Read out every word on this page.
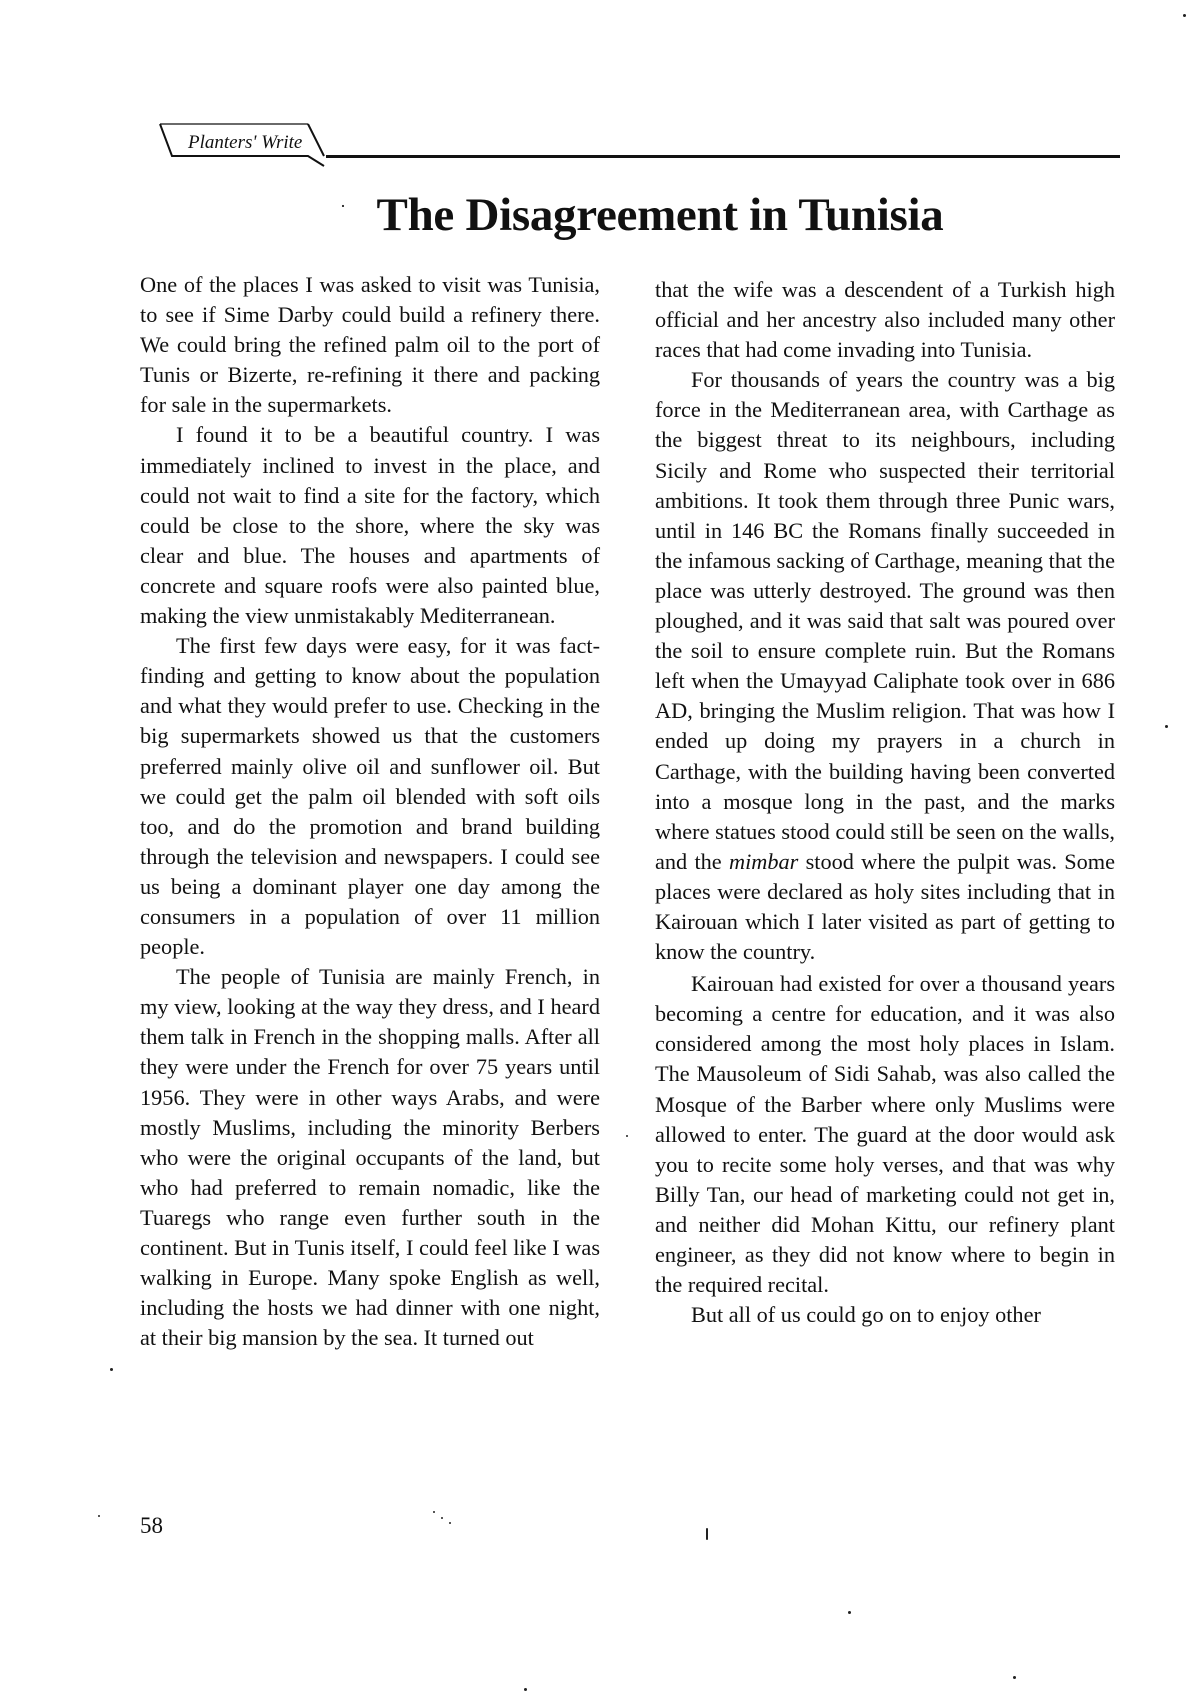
Planters' Write
· The Disagreement in Tunisia

One of the places I was asked to visit was Tunisia, to see if Sime Darby could build a refinery there. We could bring the refined palm oil to the port of Tunis or Bizerte, re-refining it there and packing for sale in the supermarkets.

I found it to be a beautiful country. I was immediately inclined to invest in the place, and could not wait to find a site for the factory, which could be close to the shore, where the sky was clear and blue. The houses and apartments of concrete and square roofs were also painted blue, making the view unmistakably Mediterranean.

The first few days were easy, for it was fact-finding and getting to know about the population and what they would prefer to use. Checking in the big supermarkets showed us that the customers preferred mainly olive oil and sunflower oil. But we could get the palm oil blended with soft oils too, and do the promotion and brand building through the television and newspapers. I could see us being a dominant player one day among the consumers in a population of over 11 million people.

The people of Tunisia are mainly French, in my view, looking at the way they dress, and I heard them talk in French in the shopping malls. After all they were under the French for over 75 years until 1956. They were in other ways Arabs, and were mostly Muslims, including the minority Berbers who were the original occupants of the land, but who had preferred to remain nomadic, like the Tuaregs who range even further south in the continent. But in Tunis itself, I could feel like I was walking in Europe. Many spoke English as well, including the hosts we had dinner with one night, at their big mansion by the sea. It turned out

that the wife was a descendent of a Turkish high official and her ancestry also included many other races that had come invading into Tunisia.

For thousands of years the country was a big force in the Mediterranean area, with Carthage as the biggest threat to its neighbours, including Sicily and Rome who suspected their territorial ambitions. It took them through three Punic wars, until in 146 BC the Romans finally succeeded in the infamous sacking of Carthage, meaning that the place was utterly destroyed. The ground was then ploughed, and it was said that salt was poured over the soil to ensure complete ruin. But the Romans left when the Umayyad Caliphate took over in 686 AD, bringing the Muslim religion. That was how I ended up doing my prayers in a church in Carthage, with the building having been converted into a mosque long in the past, and the marks where statues stood could still be seen on the walls, and the mimbar stood where the pulpit was. Some places were declared as holy sites including that in Kairouan which I later visited as part of getting to know the country.

Kairouan had existed for over a thousand years becoming a centre for education, and it was also considered among the most holy places in Islam. The Mausoleum of Sidi Sahab, was also called the Mosque of the Barber where only Muslims were allowed to enter. The guard at the door would ask you to recite some holy verses, and that was why Billy Tan, our head of marketing could not get in, and neither did Mohan Kittu, our refinery plant engineer, as they did not know where to begin in the required recital.

But all of us could go on to enjoy other

58
